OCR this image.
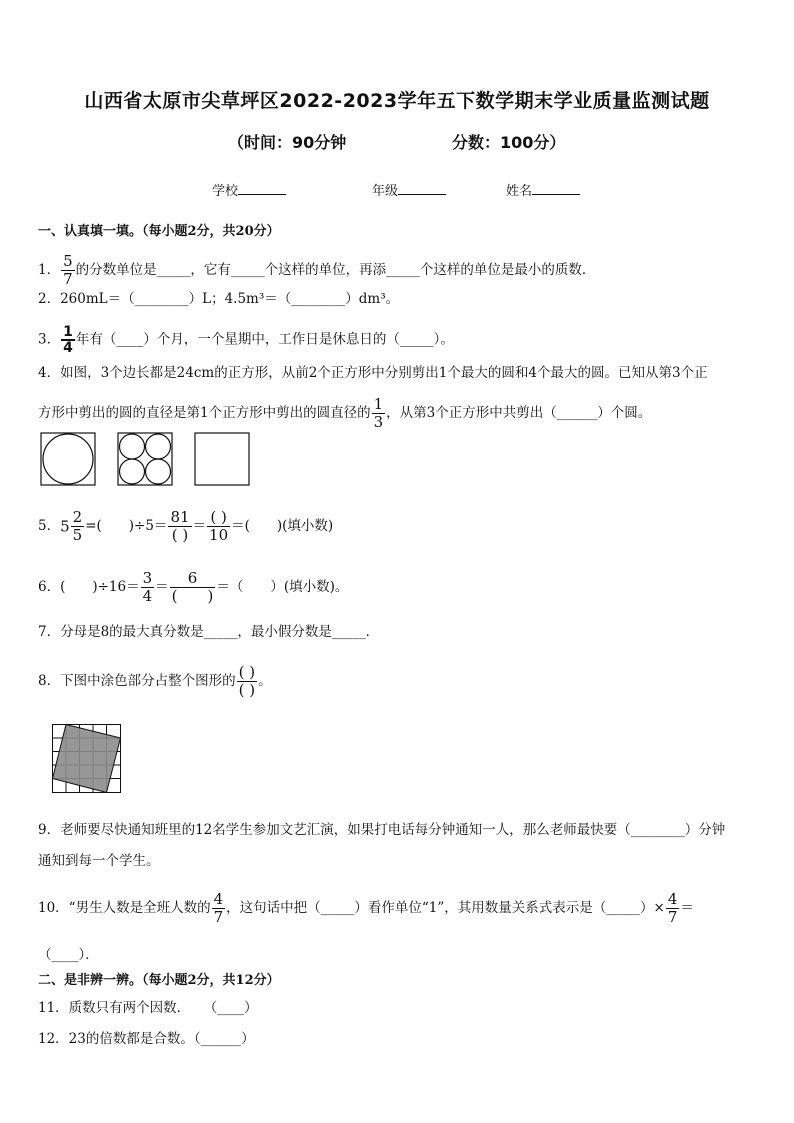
山西省太原市尖草坪区2022-2023学年五下数学期末学业质量监测试题
（时间：90分钟	分数：100分）
学校	年级	姓名
一、认真填一填。（每小题2分，共20分）
1． $\frac{5}{7}$ 的分数单位是_____，它有_____个这样的单位，再添_____个这样的单位是最小的质数．
2．260mL＝（________）L；4.5m³＝（________）dm³。
3． $\frac{1}{4}$ 年有（____）个月，一个星期中，工作日是休息日的（_____）。
4．如图，3个边长都是24cm的正方形，从前2个正方形中分别剪出1个最大的圆和4个最大的圆。已知从第3个正
方形中剪出的圆的直径是第1个正方形中剪出的圆直径的 $\frac{1}{3}$ ，从第3个正方形中共剪出（______）个圆。
5．$5 \frac{2}{5}$ =(　　)$\div 5= \frac{81}{( )} = \frac{( )}{10}$ ＝(　　)(填小数)
6．(　　)$\div 16= \frac{3}{4} = \frac{6}{( )}$ ＝（　　）(填小数)。
7．分母是8的最大真分数是_____，最小假分数是_____．
8．下图中涂色部分占整个图形的 $\frac{( )}{( )}$ 。
9．老师要尽快通知班里的12名学生参加文艺汇演，如果打电话每分钟通知一人，那么老师最快要（________）分钟
通知到每一个学生。
10．“男生人数是全班人数的 $\frac{4}{7}$ ，这句话中把（_____）看作单位“1”，其用数量关系式表示是（_____）× $\frac{4}{7}$ ＝
（____）．
二、是非辨一辨。（每小题2分，共12分）
11．质数只有两个因数．　　（____）
12．23的倍数都是合数。（______）
